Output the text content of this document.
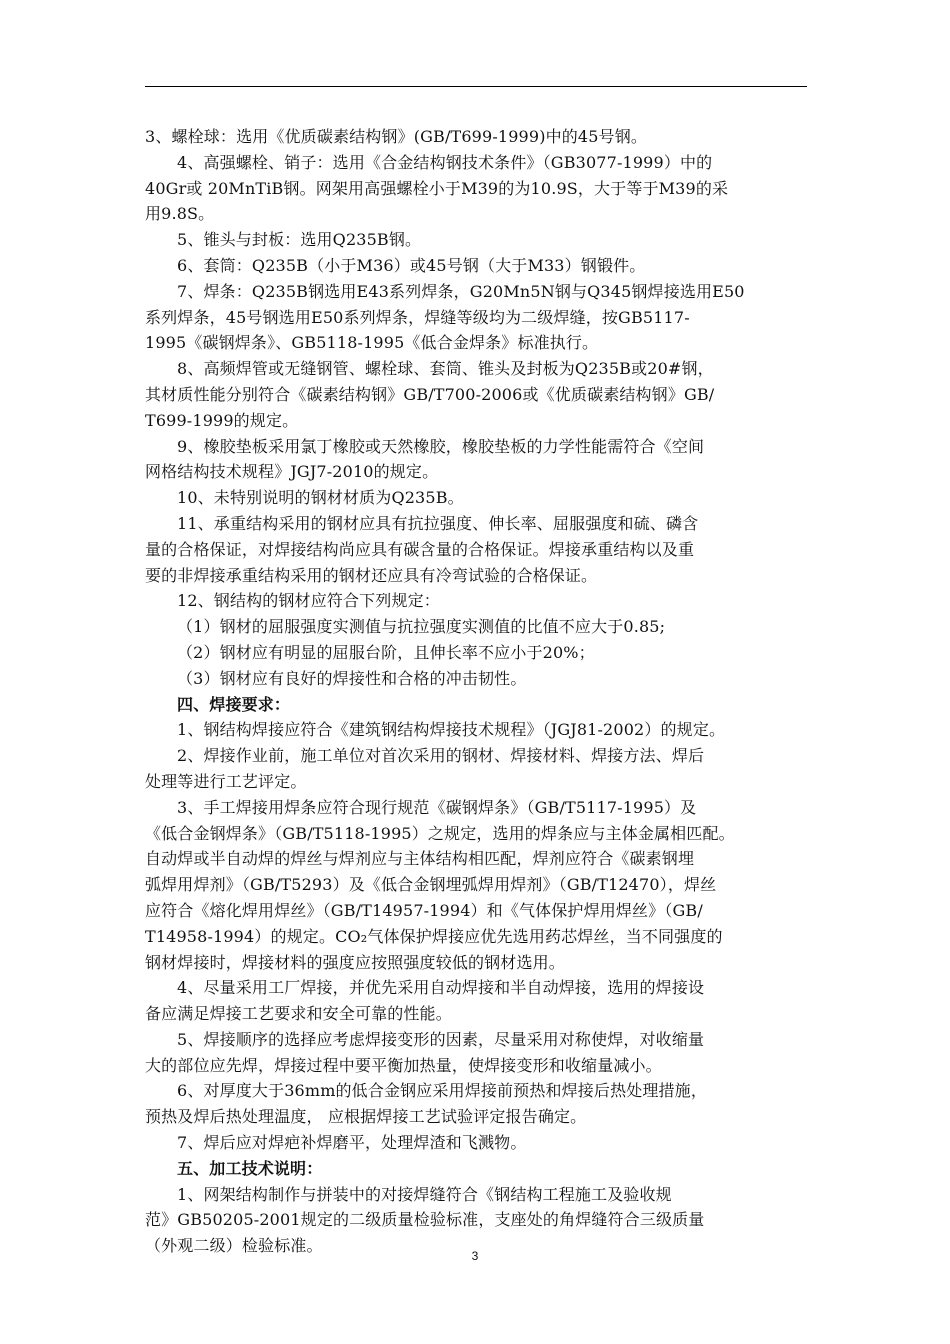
3、螺栓球：选用《优质碳素结构钢》(GB/T699-1999)中的45号钢。
4、高强螺栓、销子：选用《合金结构钢技术条件》（GB3077-1999）中的
40Gr或 20MnTiB钢。网架用高强螺栓小于M39的为10.9S，大于等于M39的采
用9.8S。
5、锥头与封板：选用Q235B钢。
6、套筒：Q235B（小于M36）或45号钢（大于M33）钢锻件。
7、焊条：Q235B钢选用E43系列焊条，G20Mn5N钢与Q345钢焊接选用E50
系列焊条，45号钢选用E50系列焊条，焊缝等级均为二级焊缝，按GB5117-
1995《碳钢焊条》、GB5118-1995《低合金焊条》标准执行。
8、高频焊管或无缝钢管、螺栓球、套筒、锥头及封板为Q235B或20#钢，
其材质性能分别符合《碳素结构钢》GB/T700-2006或《优质碳素结构钢》GB/
T699-1999的规定。
9、橡胶垫板采用氯丁橡胶或天然橡胶，橡胶垫板的力学性能需符合《空间
网格结构技术规程》JGJ7-2010的规定。
10、未特别说明的钢材材质为Q235B。
11、承重结构采用的钢材应具有抗拉强度、伸长率、屈服强度和硫、磷含
量的合格保证，对焊接结构尚应具有碳含量的合格保证。焊接承重结构以及重
要的非焊接承重结构采用的钢材还应具有冷弯试验的合格保证。
12、钢结构的钢材应符合下列规定：
（1）钢材的屈服强度实测值与抗拉强度实测值的比值不应大于0.85;
（2）钢材应有明显的屈服台阶，且伸长率不应小于20%；
（3）钢材应有良好的焊接性和合格的冲击韧性。
四、焊接要求：
1、钢结构焊接应符合《建筑钢结构焊接技术规程》（JGJ81-2002）的规定。
2、焊接作业前，施工单位对首次采用的钢材、焊接材料、焊接方法、焊后
处理等进行工艺评定。
3、手工焊接用焊条应符合现行规范《碳钢焊条》（GB/T5117-1995）及
《低合金钢焊条》（GB/T5118-1995）之规定，选用的焊条应与主体金属相匹配。
自动焊或半自动焊的焊丝与焊剂应与主体结构相匹配，焊剂应符合《碳素钢埋
弧焊用焊剂》（GB/T5293）及《低合金钢埋弧焊用焊剂》（GB/T12470），焊丝
应符合《熔化焊用焊丝》（GB/T14957-1994）和《气体保护焊用焊丝》（GB/
T14958-1994）的规定。CO₂气体保护焊接应优先选用药芯焊丝，当不同强度的
钢材焊接时，焊接材料的强度应按照强度较低的钢材选用。
4、尽量采用工厂焊接，并优先采用自动焊接和半自动焊接，选用的焊接设
备应满足焊接工艺要求和安全可靠的性能。
5、焊接顺序的选择应考虑焊接变形的因素，尽量采用对称使焊，对收缩量
大的部位应先焊，焊接过程中要平衡加热量，使焊接变形和收缩量减小。
6、对厚度大于36mm的低合金钢应采用焊接前预热和焊接后热处理措施，
预热及焊后热处理温度， 应根据焊接工艺试验评定报告确定。
7、焊后应对焊疤补焊磨平，处理焊渣和飞溅物。
五、加工技术说明：
1、网架结构制作与拼装中的对接焊缝符合《钢结构工程施工及验收规
范》GB50205-2001规定的二级质量检验标准，支座处的角焊缝符合三级质量
（外观二级）检验标准。
3
